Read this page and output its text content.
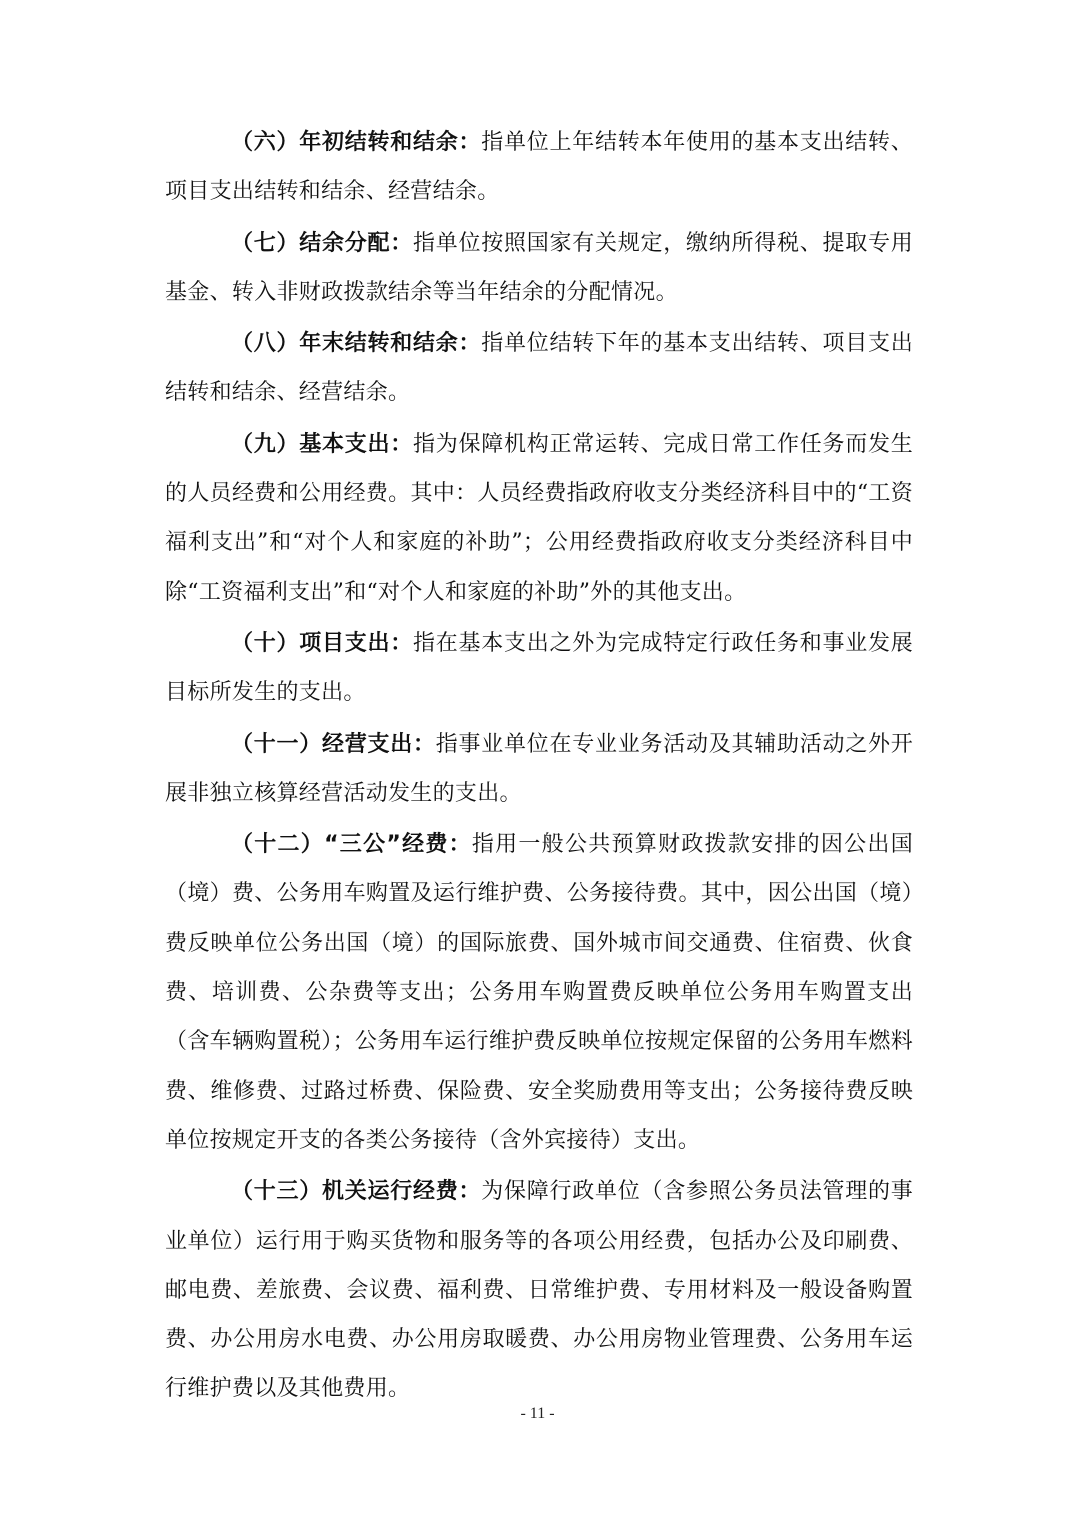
（六）年初结转和结余：指单位上年结转本年使用的基本支出结转、项目支出结转和结余、经营结余。

（七）结余分配：指单位按照国家有关规定，缴纳所得税、提取专用基金、转入非财政拨款结余等当年结余的分配情况。

（八）年末结转和结余：指单位结转下年的基本支出结转、项目支出结转和结余、经营结余。

（九）基本支出：指为保障机构正常运转、完成日常工作任务而发生的人员经费和公用经费。其中：人员经费指政府收支分类经济科目中的“工资福利支出”和“对个人和家庭的补助”；公用经费指政府收支分类经济科目中除“工资福利支出”和“对个人和家庭的补助”外的其他支出。

（十）项目支出：指在基本支出之外为完成特定行政任务和事业发展目标所发生的支出。

（十一）经营支出：指事业单位在专业业务活动及其辅助活动之外开展非独立核算经营活动发生的支出。

（十二）“三公”经费：指用一般公共预算财政拨款安排的因公出国（境）费、公务用车购置及运行维护费、公务接待费。其中，因公出国（境）费反映单位公务出国（境）的国际旅费、国外城市间交通费、住宿费、伙食费、培训费、公杂费等支出；公务用车购置费反映单位公务用车购置支出（含车辆购置税）；公务用车运行维护费反映单位按规定保留的公务用车燃料费、维修费、过路过桥费、保险费、安全奖励费用等支出；公务接待费反映单位按规定开支的各类公务接待（含外宾接待）支出。

（十三）机关运行经费：为保障行政单位（含参照公务员法管理的事业单位）运行用于购买货物和服务等的各项公用经费，包括办公及印刷费、邮电费、差旅费、会议费、福利费、日常维护费、专用材料及一般设备购置费、办公用房水电费、办公用房取暖费、办公用房物业管理费、公务用车运行维护费以及其他费用。

- 11 -
